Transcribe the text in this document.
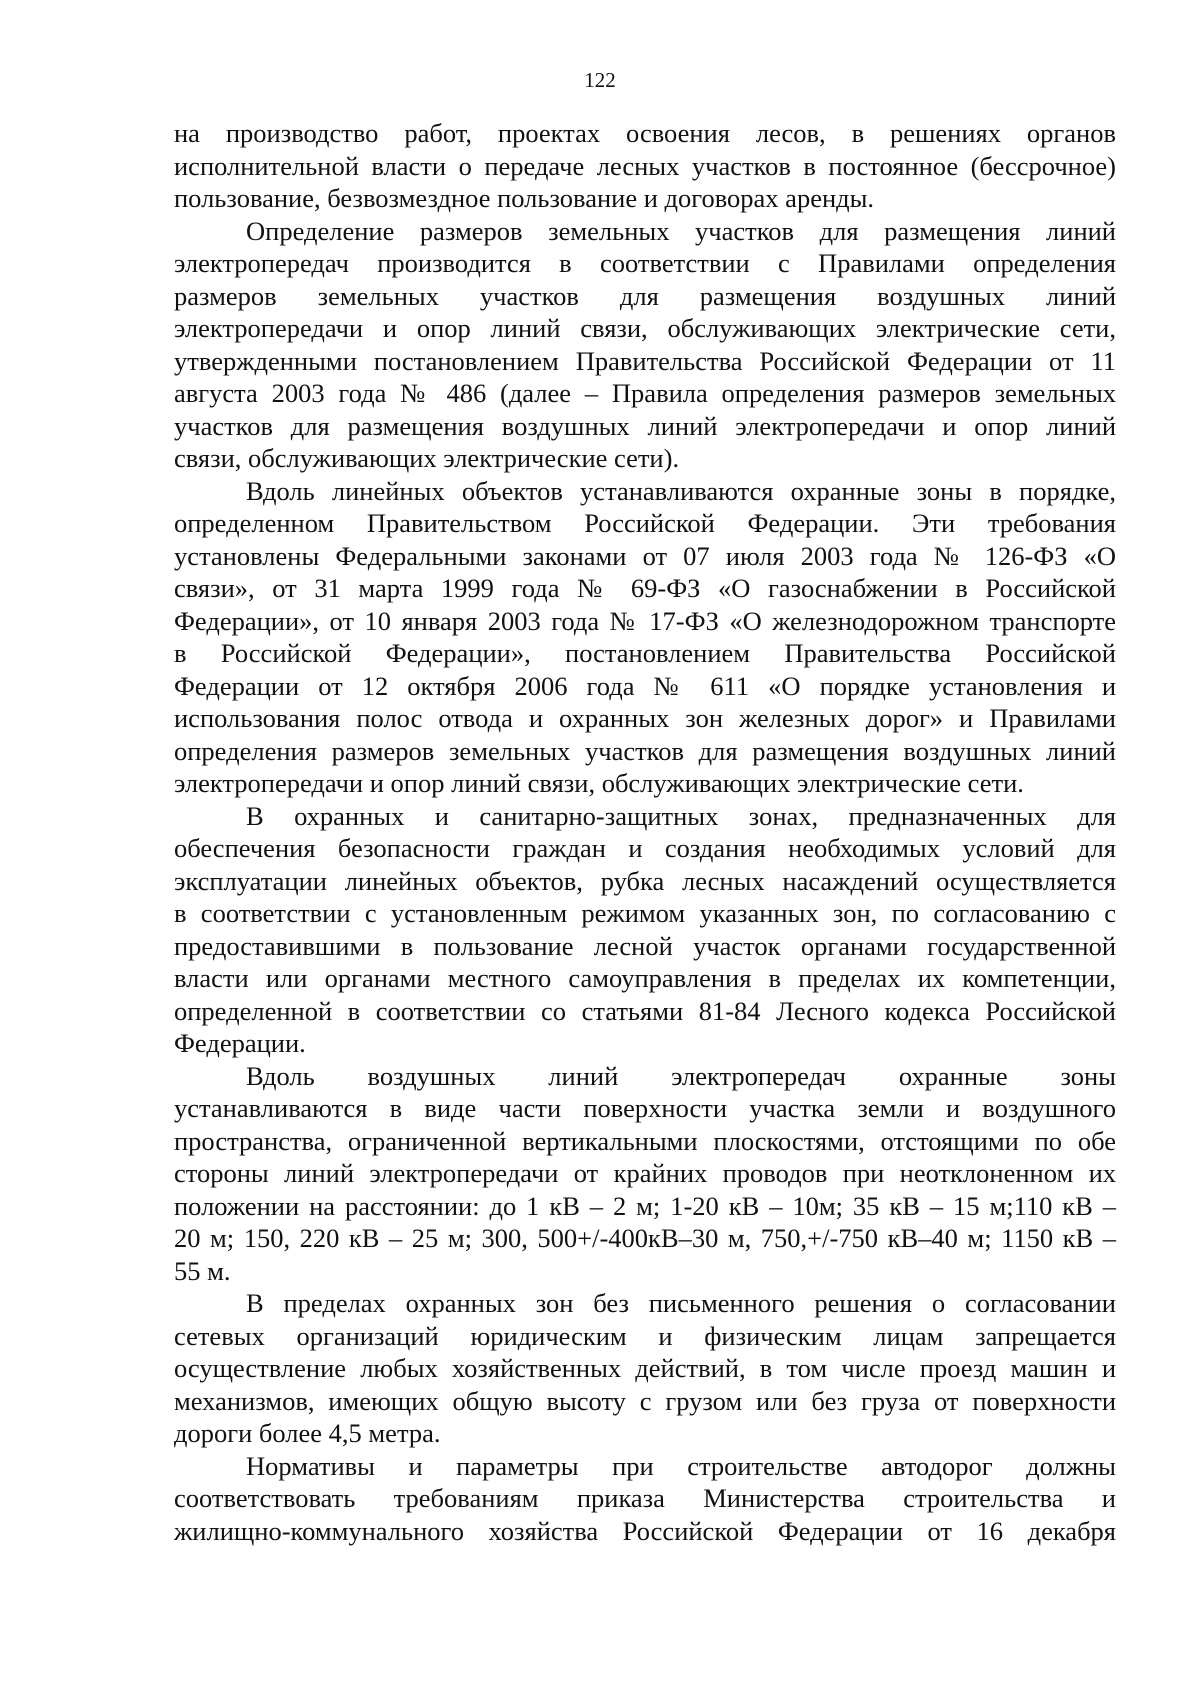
122
на производство работ, проектах освоения лесов, в решениях органов
исполнительной власти о передаче лесных участков в постоянное (бессрочное)
пользование, безвозмездное пользование и договорах аренды.
Определение размеров земельных участков для размещения линий
электропередач производится в соответствии с Правилами определения
размеров земельных участков для размещения воздушных линий
электропередачи и опор линий связи, обслуживающих электрические сети,
утвержденными постановлением Правительства Российской Федерации от 11
августа 2003 года № 486 (далее – Правила определения размеров земельных
участков для размещения воздушных линий электропередачи и опор линий
связи, обслуживающих электрические сети).
Вдоль линейных объектов устанавливаются охранные зоны в порядке,
определенном Правительством Российской Федерации. Эти требования
установлены Федеральными законами от 07 июля 2003 года № 126-ФЗ «О
связи», от 31 марта 1999 года № 69-ФЗ «О газоснабжении в Российской
Федерации», от 10 января 2003 года № 17-ФЗ «О железнодорожном транспорте
в Российской Федерации», постановлением Правительства Российской
Федерации от 12 октября 2006 года № 611 «О порядке установления и
использования полос отвода и охранных зон железных дорог» и Правилами
определения размеров земельных участков для размещения воздушных линий
электропередачи и опор линий связи, обслуживающих электрические сети.
В охранных и санитарно-защитных зонах, предназначенных для
обеспечения безопасности граждан и создания необходимых условий для
эксплуатации линейных объектов, рубка лесных насаждений осуществляется
в соответствии с установленным режимом указанных зон, по согласованию с
предоставившими в пользование лесной участок органами государственной
власти или органами местного самоуправления в пределах их компетенции,
определенной в соответствии со статьями 81-84 Лесного кодекса Российской
Федерации.
Вдоль воздушных линий электропередач охранные зоны
устанавливаются в виде части поверхности участка земли и воздушного
пространства, ограниченной вертикальными плоскостями, отстоящими по обе
стороны линий электропередачи от крайних проводов при неотклоненном их
положении на расстоянии: до 1 кВ – 2 м; 1-20 кВ – 10м; 35 кВ – 15 м;110 кВ –
20 м; 150, 220 кВ – 25 м; 300, 500+/-400кВ–30 м, 750,+/-750 кВ–40 м; 1150 кВ –
55 м.
В пределах охранных зон без письменного решения о согласовании
сетевых организаций юридическим и физическим лицам запрещается
осуществление любых хозяйственных действий, в том числе проезд машин и
механизмов, имеющих общую высоту с грузом или без груза от поверхности
дороги более 4,5 метра.
Нормативы и параметры при строительстве автодорог должны
соответствовать требованиям приказа Министерства строительства и
жилищно-коммунального хозяйства Российской Федерации от 16 декабря
